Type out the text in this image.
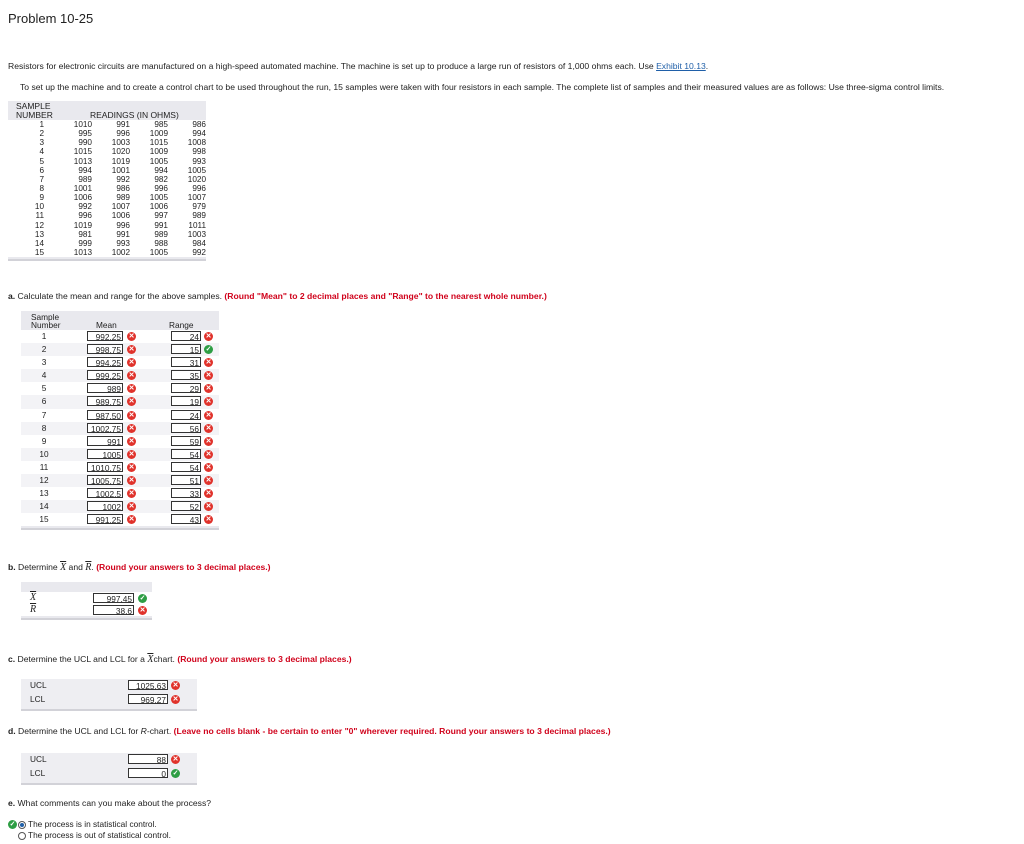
Problem 10-25
Resistors for electronic circuits are manufactured on a high-speed automated machine. The machine is set up to produce a large run of resistors of 1,000 ohms each. Use Exhibit 10.13.
To set up the machine and to create a control chart to be used throughout the run, 15 samples were taken with four resistors in each sample. The complete list of samples and their measured values are as follows: Use three-sigma control limits.
SAMPLE
NUMBER	READINGS (IN OHMS)
1	1010	991	985	986
2	995	996	1009	994
3	990	1003	1015	1008
4	1015	1020	1009	998
5	1013	1019	1005	993
6	994	1001	994	1005
7	989	992	982	1020
8	1001	986	996	996
9	1006	989	1005	1007
10	992	1007	1006	979
11	996	1006	997	989
12	1019	996	991	1011
13	981	991	989	1003
14	999	993	988	984
15	1013	1002	1005	992
a. Calculate the mean and range for the above samples. (Round "Mean" to 2 decimal places and "Range" to the nearest whole number.)
Sample
Number	Mean	Range
1	992.25 ✕	24 ✕
2	998.75 ✕	15 ✓
3	994.25 ✕	31 ✕
4	999.25 ✕	35 ✕
5	989 ✕	29 ✕
6	989.75 ✕	19 ✕
7	987.50 ✕	24 ✕
8	1002.75 ✕	56 ✕
9	991 ✕	59 ✕
10	1005 ✕	54 ✕
11	1010.75 ✕	54 ✕
12	1005.75 ✕	51 ✕
13	1002.5 ✕	33 ✕
14	1002 ✕	52 ✕
15	991.25 ✕	43 ✕
b. Determine $\overline{X}$ and $\overline{R}$. (Round your answers to 3 decimal places.)
$\overline{X}$	997.45 ✓
$\overline{R}$	38.6 ✕
c. Determine the UCL and LCL for a $\overline{X}chart$. (Round your answers to 3 decimal places.)
UCL	1025.63 ✕
LCL	969.27 ✕
d. Determine the UCL and LCL for R-chart. (Leave no cells blank - be certain to enter "0" wherever required. Round your answers to 3 decimal places.)
UCL	88 ✕
LCL	0 ✓
e. What comments can you make about the process?
✓ The process is in statistical control.
The process is out of statistical control.
